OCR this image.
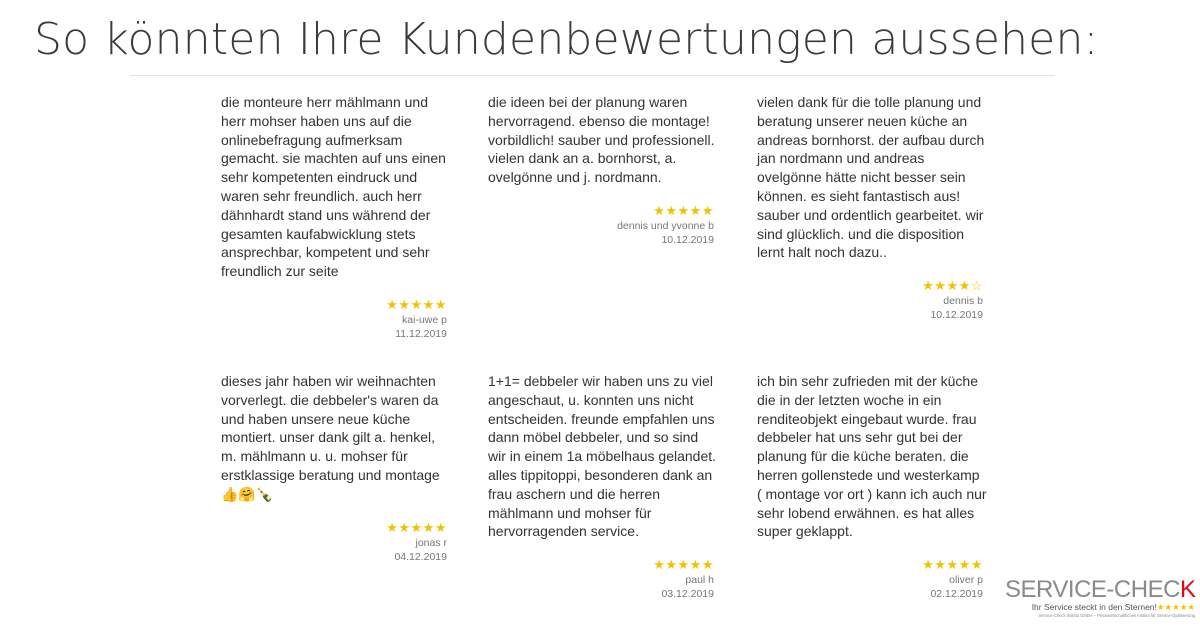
So könnten Ihre Kundenbewertungen aussehen:

die monteure herr mählmann und herr mohser haben uns auf die onlinebefragung aufmerksam gemacht. sie machten auf uns einen sehr kompetenten eindruck und waren sehr freundlich. auch herr dähnhardt stand uns während der gesamten kaufabwicklung stets ansprechbar, kompetent und sehr freundlich zur seite

★★★★★
kai-uwe p
11.12.2019

die ideen bei der planung waren hervorragend. ebenso die montage! vorbildlich! sauber und professionell. vielen dank an a. bornhorst, a. ovelgönne und j. nordmann.

★★★★★
dennis und yvonne b
10.12.2019

vielen dank für die tolle planung und beratung unserer neuen küche an andreas bornhorst. der aufbau durch jan nordmann und andreas ovelgönne hätte nicht besser sein können. es sieht fantastisch aus! sauber und ordentlich gearbeitet. wir sind glücklich. und die disposition lernt halt noch dazu..

★★★★☆
dennis b
10.12.2019

dieses jahr haben wir weihnachten vorverlegt. die debbeler's waren da und haben unsere neue küche montiert. unser dank gilt a. henkel, m. mählmann u. u. mohser für erstklassige beratung und montage 👍🤗🍾

★★★★★
jonas r
04.12.2019

1+1= debbeler wir haben uns zu viel angeschaut, u. konnten uns nicht entscheiden. freunde empfahlen uns dann möbel debbeler, und so sind wir in einem 1a möbelhaus gelandet. alles tippitoppi, besonderen dank an frau aschern und die herren mählmann und mohser für hervorragenden service.

★★★★★
paul h
03.12.2019

ich bin sehr zufrieden mit der küche die in der letzten woche in ein renditeobjekt eingebaut wurde. frau debbeler hat uns sehr gut bei der planung für die küche beraten. die herren gollenstede und westerkamp ( montage vor ort ) kann ich auch nur sehr lobend erwähnen. es hat alles super geklappt.

★★★★★
oliver p
02.12.2019 SERVICE-CHECK
Ihr Service steckt in den Sternen!★★★★★
Service-Check Institut GmbH – Privatwirtschaftliches Institut für Service-Optimierung
